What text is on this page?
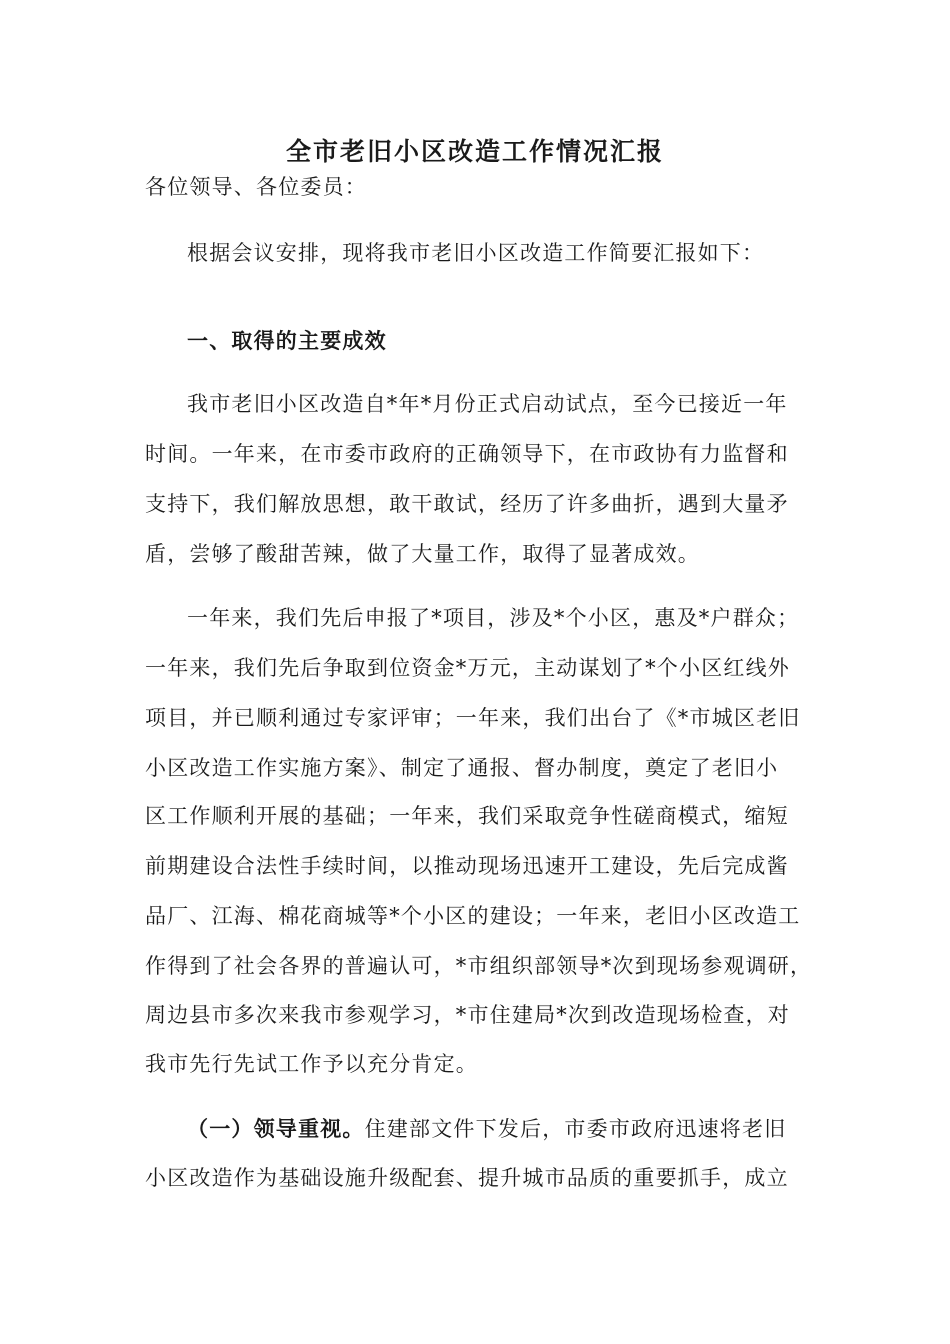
全市老旧小区改造工作情况汇报
各位领导、各位委员：
根据会议安排，现将我市老旧小区改造工作简要汇报如下：
一、取得的主要成效
我市老旧小区改造自*年*月份正式启动试点，至今已接近一年
时间。一年来，在市委市政府的正确领导下，在市政协有力监督和
支持下，我们解放思想，敢干敢试，经历了许多曲折，遇到大量矛
盾，尝够了酸甜苦辣，做了大量工作，取得了显著成效。
一年来，我们先后申报了*项目，涉及*个小区，惠及*户群众；
一年来，我们先后争取到位资金*万元，主动谋划了*个小区红线外
项目，并已顺利通过专家评审；一年来，我们出台了《*市城区老旧
小区改造工作实施方案》、制定了通报、督办制度，奠定了老旧小
区工作顺利开展的基础；一年来，我们采取竞争性磋商模式，缩短
前期建设合法性手续时间，以推动现场迅速开工建设，先后完成酱
品厂、江海、棉花商城等*个小区的建设；一年来，老旧小区改造工
作得到了社会各界的普遍认可，*市组织部领导*次到现场参观调研，
周边县市多次来我市参观学习，*市住建局*次到改造现场检查，对
我市先行先试工作予以充分肯定。
（一）领导重视。住建部文件下发后，市委市政府迅速将老旧
小区改造作为基础设施升级配套、提升城市品质的重要抓手，成立
